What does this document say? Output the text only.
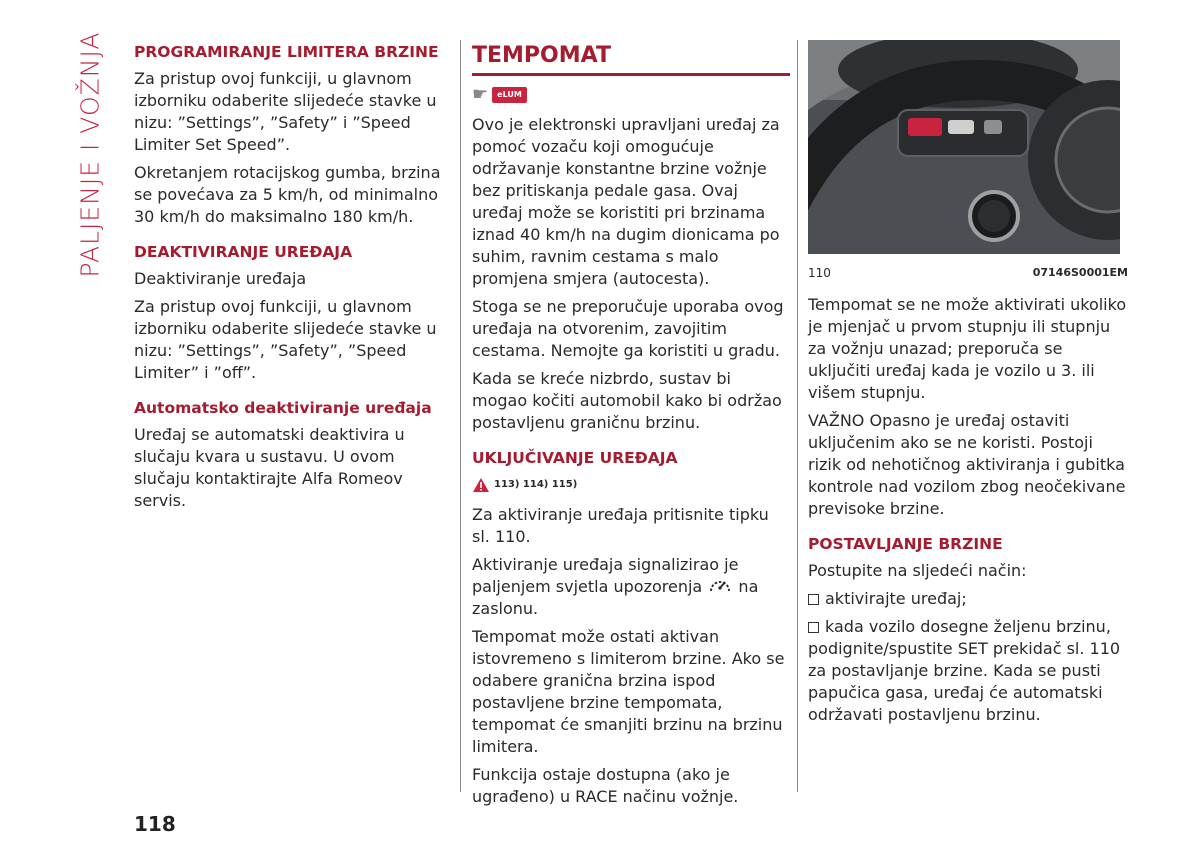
PALJENJE I VOŽNJA PROGRAMIRANJE LIMITERA BRZINE

Za pristup ovoj funkciji, u glavnom izborniku odaberite slijedeće stavke u nizu: ”Settings”, ”Safety” i ”Speed Limiter Set Speed”.

Okretanjem rotacijskog gumba, brzina se povećava za 5 km/h, od minimalno 30 km/h do maksimalno 180 km/h.

DEAKTIVIRANJE UREĐAJA

Deaktiviranje uređaja

Za pristup ovoj funkciji, u glavnom izborniku odaberite slijedeće stavke u nizu: ”Settings”, ”Safety”, ”Speed Limiter” i ”off”.

Automatsko deaktiviranje uređaja

Uređaj se automatski deaktivira u slučaju kvara u sustavu. U ovom slučaju kontaktirajte Alfa Romeov servis.

TEMPOMAT
☛	eLUM

Ovo je elektronski upravljani uređaj za pomoć vozaču koji omogućuje održavanje konstantne brzine vožnje bez pritiskanja pedale gasa. Ovaj uređaj može se koristiti pri brzinama iznad 40 km/h na dugim dionicama po suhim, ravnim cestama s malo promjena smjera (autocesta).

Stoga se ne preporučuje uporaba ovog uređaja na otvorenim, zavojitim cestama. Nemojte ga koristiti u gradu.

Kada se kreće nizbrdo, sustav bi mogao kočiti automobil kako bi održao postavljenu graničnu brzinu.

UKLJUČIVANJE UREĐAJA
113) 114) 115)

Za aktiviranje uređaja pritisnite tipku sl. 110.

Aktiviranje uređaja signalizirao je paljenjem svjetla upozorenja na zaslonu.

Tempomat može ostati aktivan istovremeno s limiterom brzine. Ako se odabere granična brzina ispod postavljene brzine tempomata, tempomat će smanjiti brzinu na brzinu limitera.

Funkcija ostaje dostupna (ako je ugrađeno) u RACE načinu vožnje.

110	07146S0001EM

Tempomat se ne može aktivirati ukoliko je mjenjač u prvom stupnju ili stupnju za vožnju unazad; preporuča se uključiti uređaj kada je vozilo u 3. ili višem stupnju.

VAŽNO Opasno je uređaj ostaviti uključenim ako se ne koristi. Postoji rizik od nehotičnog aktiviranja i gubitka kontrole nad vozilom zbog neočekivane previsoke brzine.

POSTAVLJANJE BRZINE

Postupite na sljedeći način:

aktivirajte uređaj;

kada vozilo dosegne željenu brzinu, podignite/spustite SET prekidač sl. 110 za postavljanje brzine. Kada se pusti papučica gasa, uređaj će automatski održavati postavljenu brzinu.

118
